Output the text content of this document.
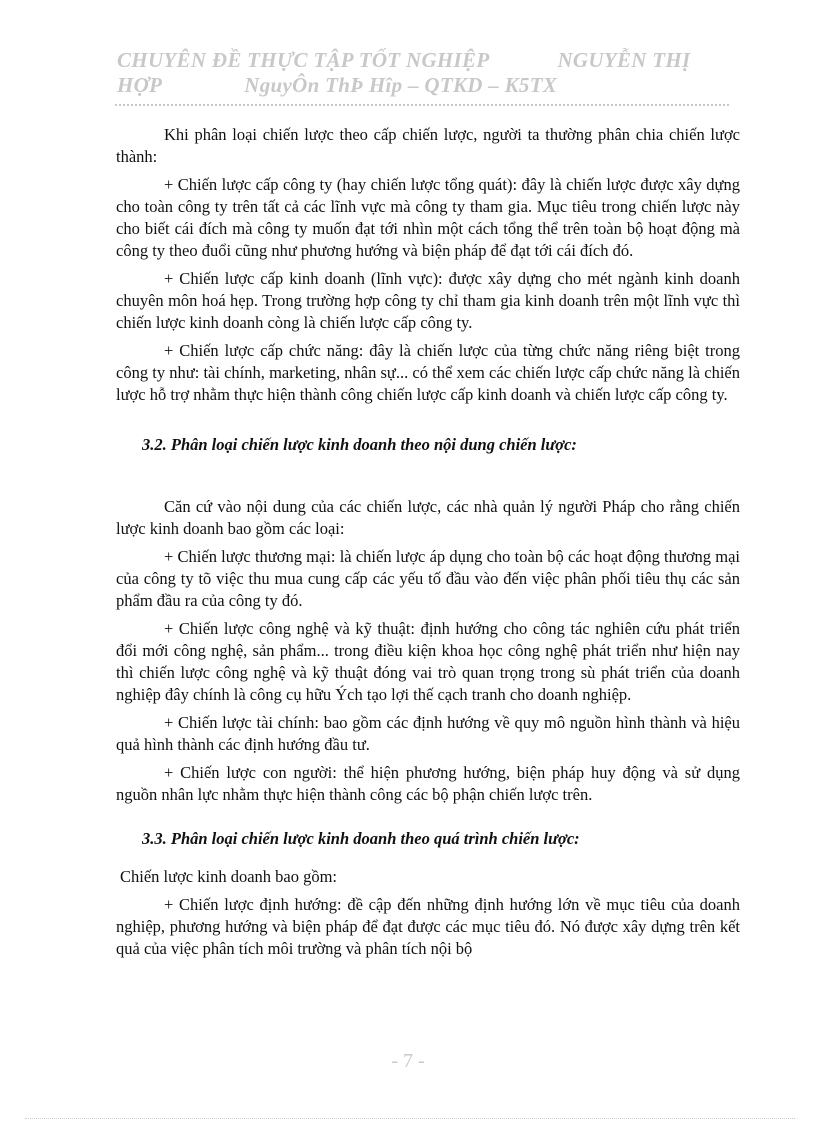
CHUYÊN ĐỀ THỰC TẬP TỐT NGHIỆP	NGUYỄN THỊ
HỢP	NguyÔn ThÞ Hîp – QTKD – K5TX

Khi phân loại chiến lược theo cấp chiến lược, người ta thường phân chia chiến lược thành:

+ Chiến lược cấp công ty (hay chiến lược tổng quát): đây là chiến lược được xây dựng cho toàn công ty trên tất cả các lĩnh vực mà công ty tham gia. Mục tiêu trong chiến lược này cho biết cái đích mà công ty muốn đạt tới nhìn một cách tổng thể trên toàn bộ hoạt động mà công ty theo đuổi cũng như phương hướng và biện pháp để đạt tới cái đích đó.

+ Chiến lược cấp kinh doanh (lĩnh vực): được xây dựng cho mét ngành kinh doanh chuyên môn hoá hẹp. Trong trường hợp công ty chỉ tham gia kinh doanh trên một lĩnh vực thì chiến lược kinh doanh còng là chiến lược cấp công ty.

+ Chiến lược cấp chức năng: đây là chiến lược của từng chức năng riêng biệt trong công ty như: tài chính, marketing, nhân sự... có thể xem các chiến lược cấp chức năng là chiến lược hỗ trợ nhằm thực hiện thành công chiến lược cấp kinh doanh và chiến lược cấp công ty.

3.2. Phân loại chiến lược kinh doanh theo nội dung chiến lược:

Căn cứ vào nội dung của các chiến lược, các nhà quản lý người Pháp cho rằng chiến lược kinh doanh bao gồm các loại:

+ Chiến lược thương mại: là chiến lược áp dụng cho toàn bộ các hoạt động thương mại của công ty tõ việc thu mua cung cấp các yếu tố đầu vào đến việc phân phối tiêu thụ các sản phẩm đầu ra của công ty đó.

+ Chiến lược công nghệ và kỹ thuật: định hướng cho công tác nghiên cứu phát triển đổi mới công nghệ, sản phẩm... trong điều kiện khoa học công nghệ phát triển như hiện nay thì chiến lược công nghệ và kỹ thuật đóng vai trò quan trọng trong sù phát triển của doanh nghiệp đây chính là công cụ hữu Ých tạo lợi thế cạch tranh cho doanh nghiệp.

+ Chiến lược tài chính: bao gồm các định hướng về quy mô nguồn hình thành và hiệu quả hình thành các định hướng đầu tư.

+ Chiến lược con người: thể hiện phương hướng, biện pháp huy động và sử dụng nguồn nhân lực nhằm thực hiện thành công các bộ phận chiến lược trên.

3.3. Phân loại chiến lược kinh doanh theo quá trình chiến lược:

Chiến lược kinh doanh bao gồm:

+ Chiến lược định hướng: đề cập đến những định hướng lớn về mục tiêu của doanh nghiệp, phương hướng và biện pháp để đạt được các mục tiêu đó. Nó được xây dựng trên kết quả của việc phân tích môi trường và phân tích nội bộ

- 7 -
